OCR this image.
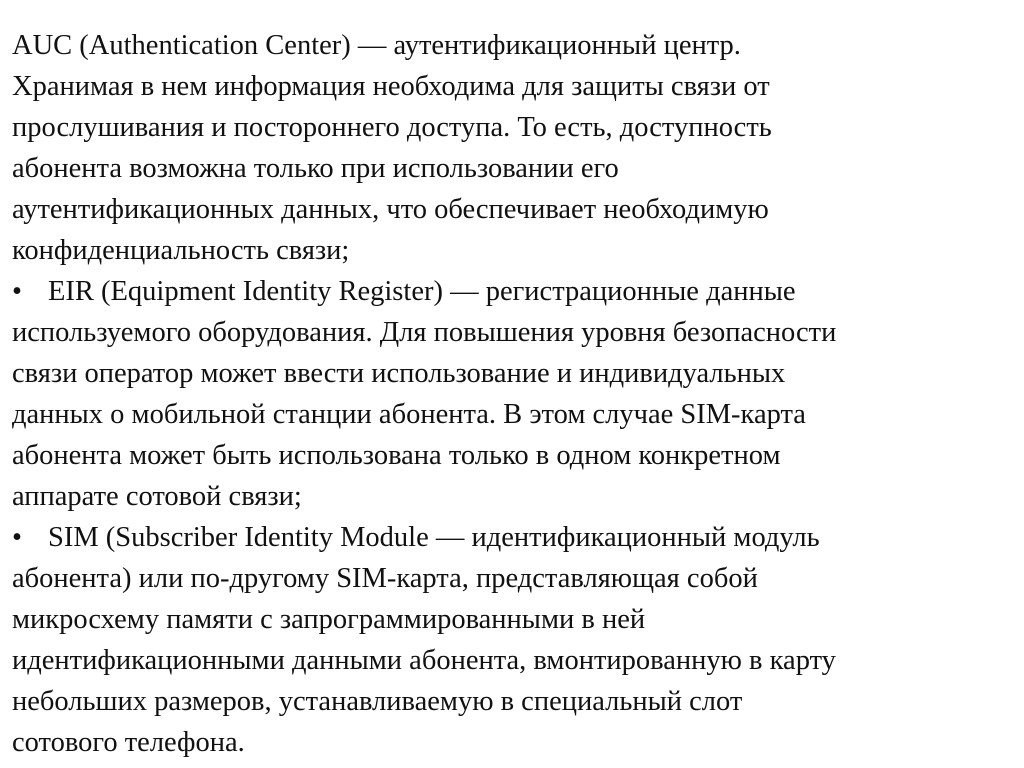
AUC (Authentication Center) — аутентификационный центр.
Хранимая в нем информация необходима для защиты связи от
прослушивания и постороннего доступа. То есть, доступность
абонента возможна только при использовании его
аутентификационных данных, что обеспечивает необходимую
конфиденциальность связи;
• EIR (Equipment Identity Register) — регистрационные данные
используемого оборудования. Для повышения уровня безопасности
связи оператор может ввести использование и индивидуальных
данных о мобильной станции абонента. В этом случае SIM-карта
абонента может быть использована только в одном конкретном
аппарате сотовой связи;
• SIM (Subscriber Identity Module — идентификационный модуль
абонента) или по-другому SIM-карта, представляющая собой
микросхему памяти с запрограммированными в ней
идентификационными данными абонента, вмонтированную в карту
небольших размеров, устанавливаемую в специальный слот
сотового телефона.
